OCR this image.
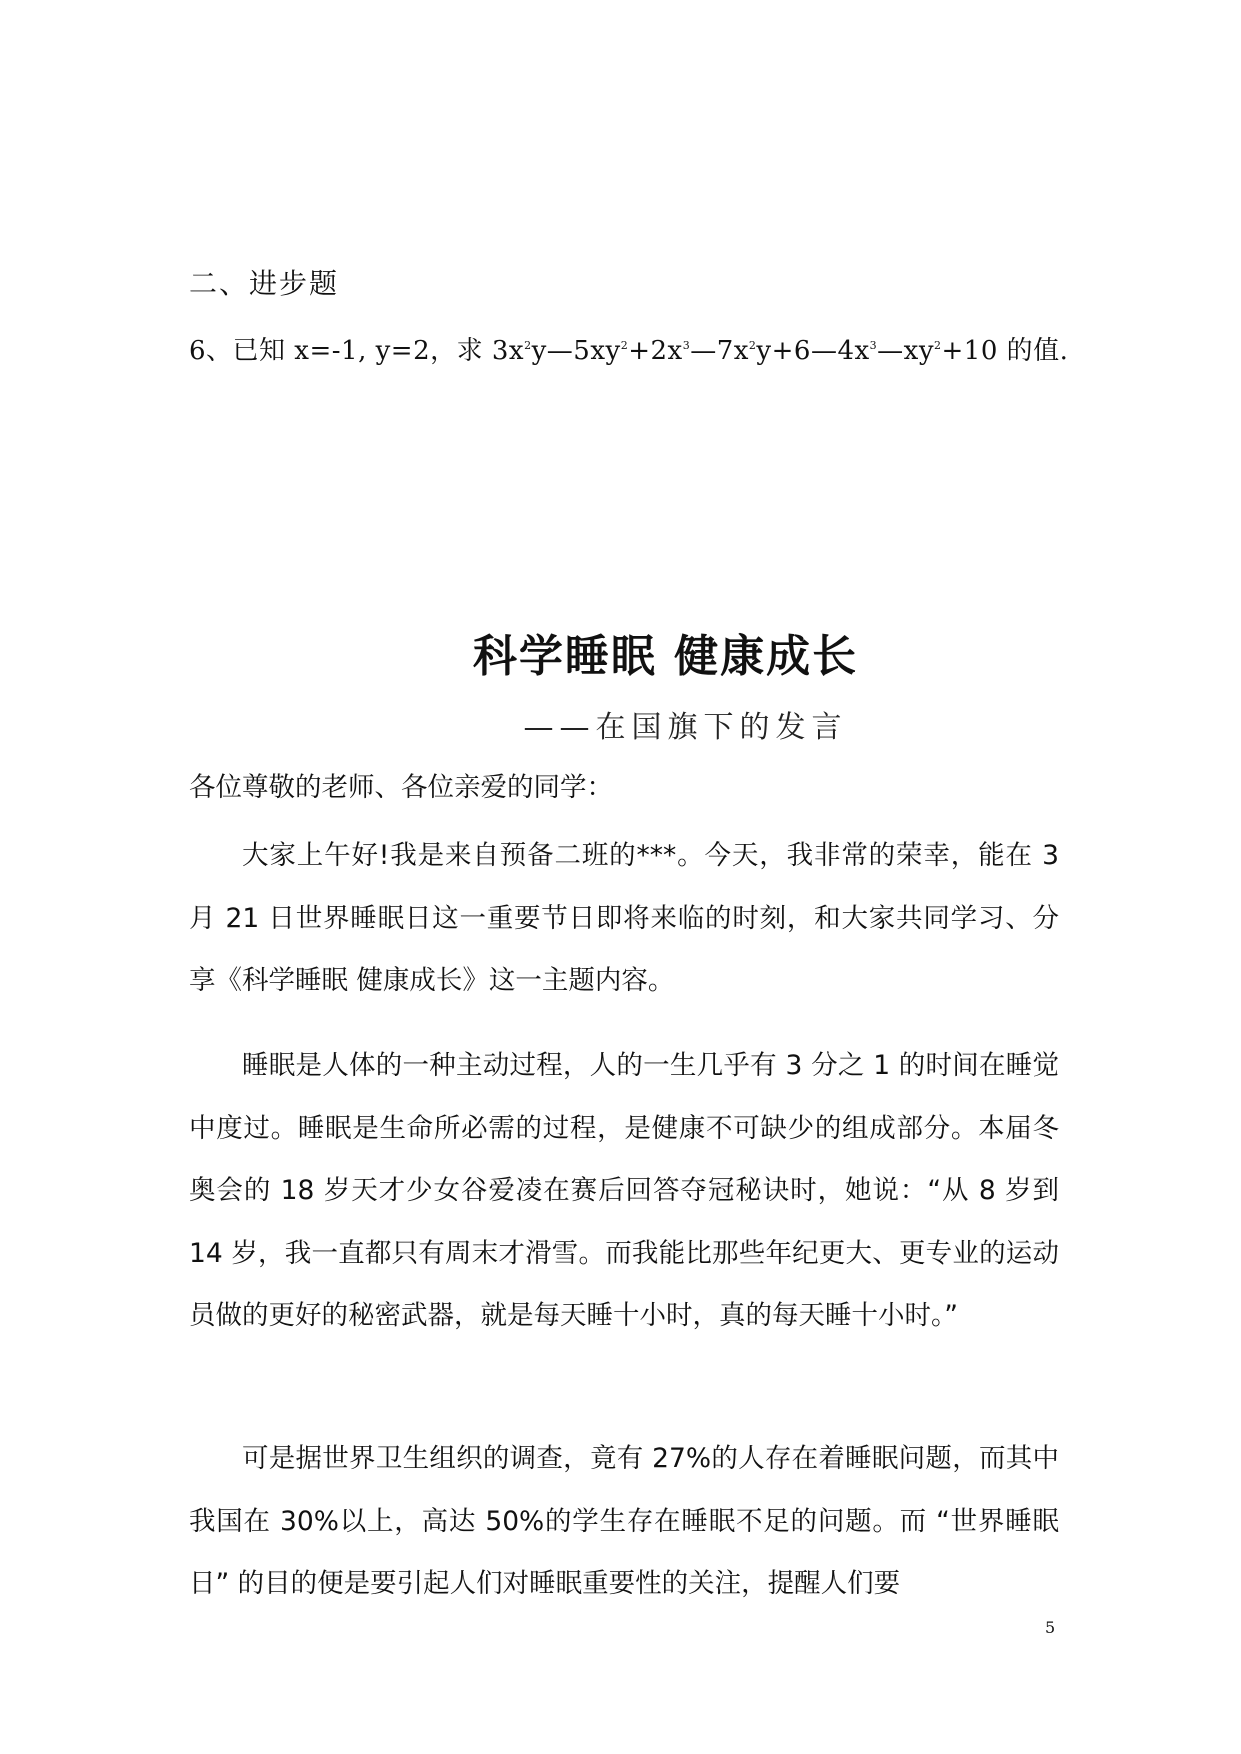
二、进步题
6、已知 x=-1, y=2，求 $3x^2y—5xy^2+2x^3—7x^2y+6—4x^3—xy^2+10$ 的值.
科学睡眠 健康成长
——在国旗下的发言
各位尊敬的老师、各位亲爱的同学：
大家上午好!我是来自预备二班的***。今天，我非常的荣幸，能在 3 月 21 日世界睡眠日这一重要节日即将来临的时刻，和大家共同学习、分享《科学睡眠 健康成长》这一主题内容。
睡眠是人体的一种主动过程，人的一生几乎有 3 分之 1 的时间在睡觉中度过。睡眠是生命所必需的过程，是健康不可缺少的组成部分。本届冬奥会的 18 岁天才少女谷爱凌在赛后回答夺冠秘诀时，她说：“从 8 岁到 14 岁，我一直都只有周末才滑雪。而我能比那些年纪更大、更专业的运动员做的更好的秘密武器，就是每天睡十小时，真的每天睡十小时。”
可是据世界卫生组织的调查，竟有 27%的人存在着睡眠问题，而其中我国在 30%以上，高达 50%的学生存在睡眠不足的问题。而 “世界睡眠日” 的目的便是要引起人们对睡眠重要性的关注，提醒人们要
5
